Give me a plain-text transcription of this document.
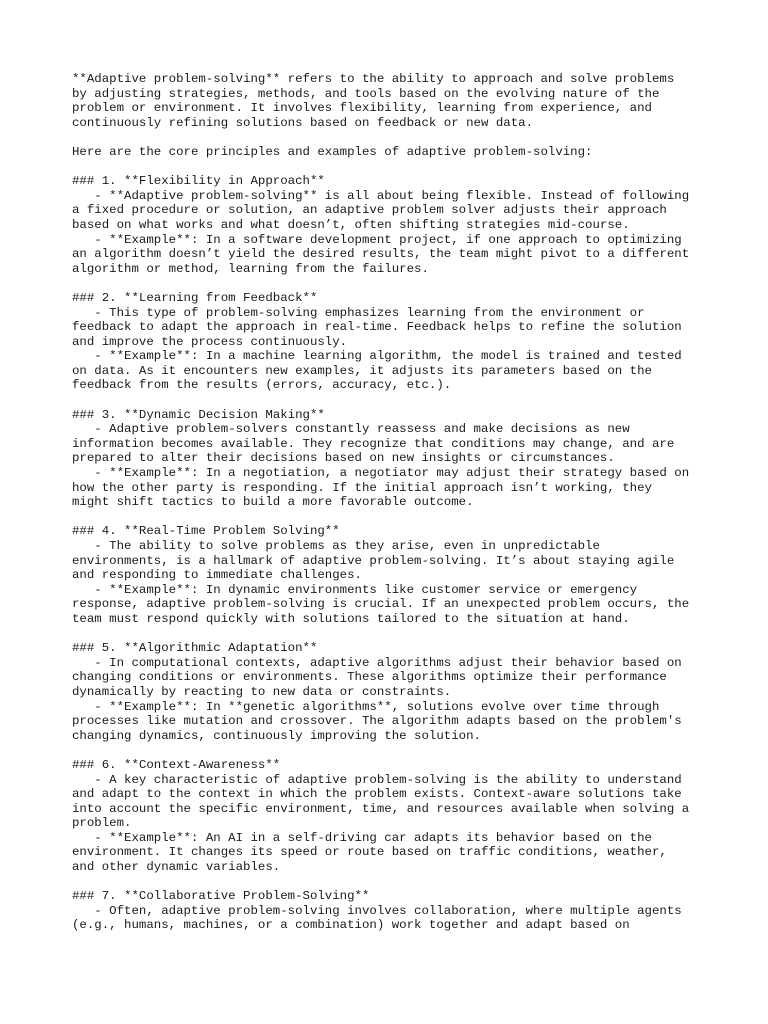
**Adaptive problem-solving** refers to the ability to approach and solve problems
by adjusting strategies, methods, and tools based on the evolving nature of the
problem or environment. It involves flexibility, learning from experience, and
continuously refining solutions based on feedback or new data.
Here are the core principles and examples of adaptive problem-solving:
### 1. **Flexibility in Approach**
- **Adaptive problem-solving** is all about being flexible. Instead of following
a fixed procedure or solution, an adaptive problem solver adjusts their approach
based on what works and what doesn’t, often shifting strategies mid-course.
- **Example**: In a software development project, if one approach to optimizing
an algorithm doesn’t yield the desired results, the team might pivot to a different
algorithm or method, learning from the failures.
### 2. **Learning from Feedback**
- This type of problem-solving emphasizes learning from the environment or
feedback to adapt the approach in real-time. Feedback helps to refine the solution
and improve the process continuously.
- **Example**: In a machine learning algorithm, the model is trained and tested
on data. As it encounters new examples, it adjusts its parameters based on the
feedback from the results (errors, accuracy, etc.).
### 3. **Dynamic Decision Making**
- Adaptive problem-solvers constantly reassess and make decisions as new
information becomes available. They recognize that conditions may change, and are
prepared to alter their decisions based on new insights or circumstances.
- **Example**: In a negotiation, a negotiator may adjust their strategy based on
how the other party is responding. If the initial approach isn’t working, they
might shift tactics to build a more favorable outcome.
### 4. **Real-Time Problem Solving**
- The ability to solve problems as they arise, even in unpredictable
environments, is a hallmark of adaptive problem-solving. It’s about staying agile
and responding to immediate challenges.
- **Example**: In dynamic environments like customer service or emergency
response, adaptive problem-solving is crucial. If an unexpected problem occurs, the
team must respond quickly with solutions tailored to the situation at hand.
### 5. **Algorithmic Adaptation**
- In computational contexts, adaptive algorithms adjust their behavior based on
changing conditions or environments. These algorithms optimize their performance
dynamically by reacting to new data or constraints.
- **Example**: In **genetic algorithms**, solutions evolve over time through
processes like mutation and crossover. The algorithm adapts based on the problem's
changing dynamics, continuously improving the solution.
### 6. **Context-Awareness**
- A key characteristic of adaptive problem-solving is the ability to understand
and adapt to the context in which the problem exists. Context-aware solutions take
into account the specific environment, time, and resources available when solving a
problem.
- **Example**: An AI in a self-driving car adapts its behavior based on the
environment. It changes its speed or route based on traffic conditions, weather,
and other dynamic variables.
### 7. **Collaborative Problem-Solving**
- Often, adaptive problem-solving involves collaboration, where multiple agents
(e.g., humans, machines, or a combination) work together and adapt based on
